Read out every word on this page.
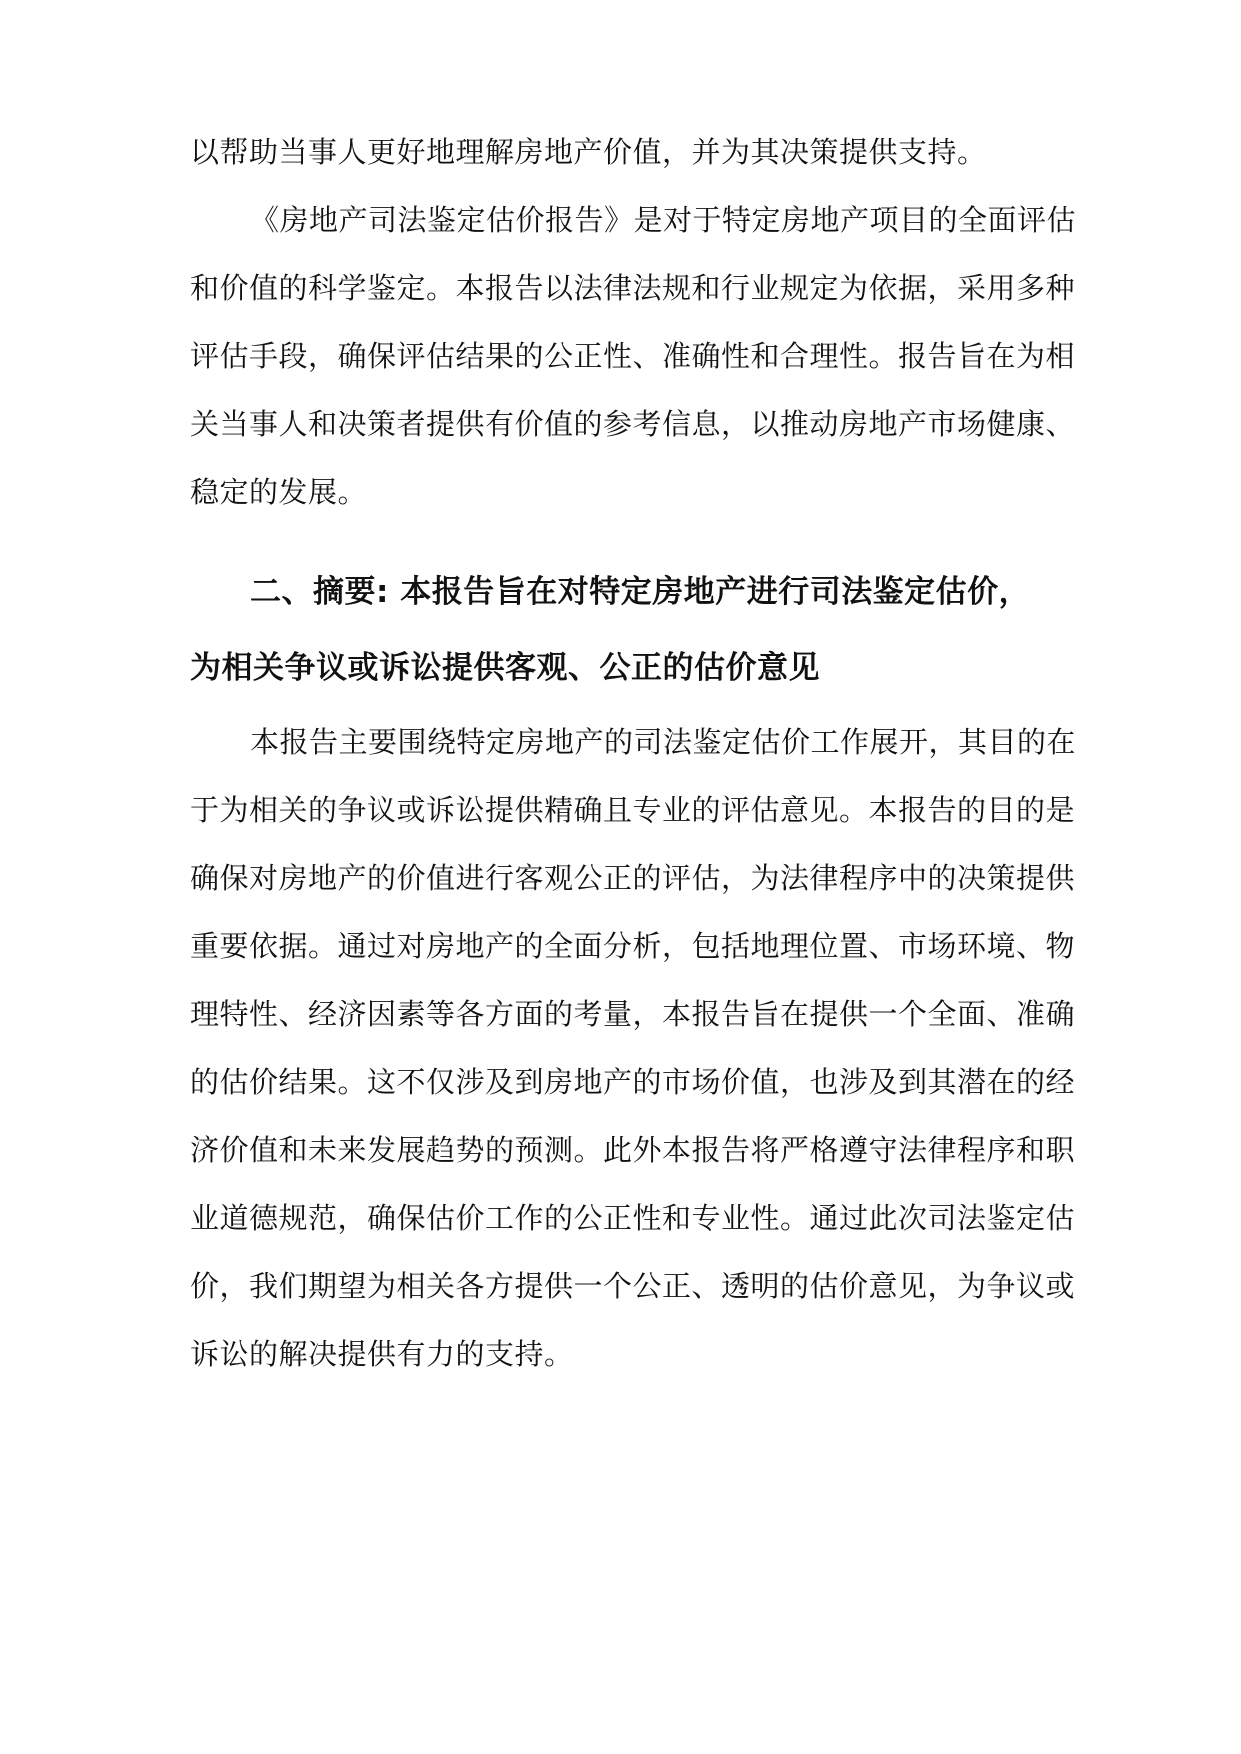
以帮助当事人更好地理解房地产价值，并为其决策提供支持。
《房地产司法鉴定估价报告》是对于特定房地产项目的全面评估
和价值的科学鉴定。本报告以法律法规和行业规定为依据，采用多种
评估手段，确保评估结果的公正性、准确性和合理性。报告旨在为相
关当事人和决策者提供有价值的参考信息，以推动房地产市场健康、
稳定的发展。
二、摘要: 本报告旨在对特定房地产进行司法鉴定估价，
为相关争议或诉讼提供客观、公正的估价意见
本报告主要围绕特定房地产的司法鉴定估价工作展开，其目的在
于为相关的争议或诉讼提供精确且专业的评估意见。本报告的目的是
确保对房地产的价值进行客观公正的评估，为法律程序中的决策提供
重要依据。通过对房地产的全面分析，包括地理位置、市场环境、物
理特性、经济因素等各方面的考量，本报告旨在提供一个全面、准确
的估价结果。这不仅涉及到房地产的市场价值，也涉及到其潜在的经
济价值和未来发展趋势的预测。此外本报告将严格遵守法律程序和职
业道德规范，确保估价工作的公正性和专业性。通过此次司法鉴定估
价，我们期望为相关各方提供一个公正、透明的估价意见，为争议或
诉讼的解决提供有力的支持。
